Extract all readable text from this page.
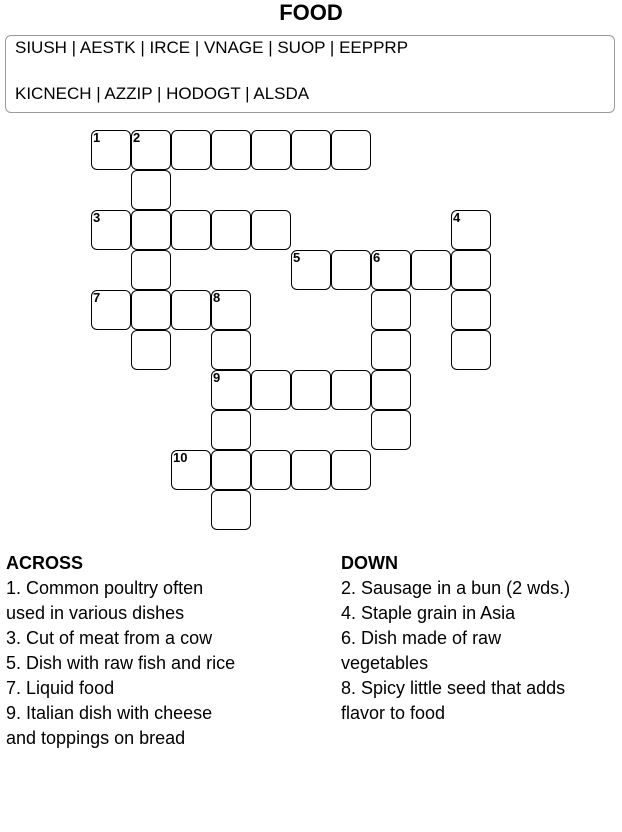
FOOD
SIUSH | AESTK | IRCE | VNAGE | SUOP | EEPPRP
KICNECH | AZZIP | HODOGT | ALSDA
1	2
3	4
5	6
7	8
9
10
ACROSS
1. Common poultry often used in various dishes
3. Cut of meat from a cow
5. Dish with raw fish and rice
7. Liquid food
9. Italian dish with cheese and toppings on bread
DOWN
2. Sausage in a bun (2 wds.)
4. Staple grain in Asia
6. Dish made of raw vegetables
8. Spicy little seed that adds flavor to food
